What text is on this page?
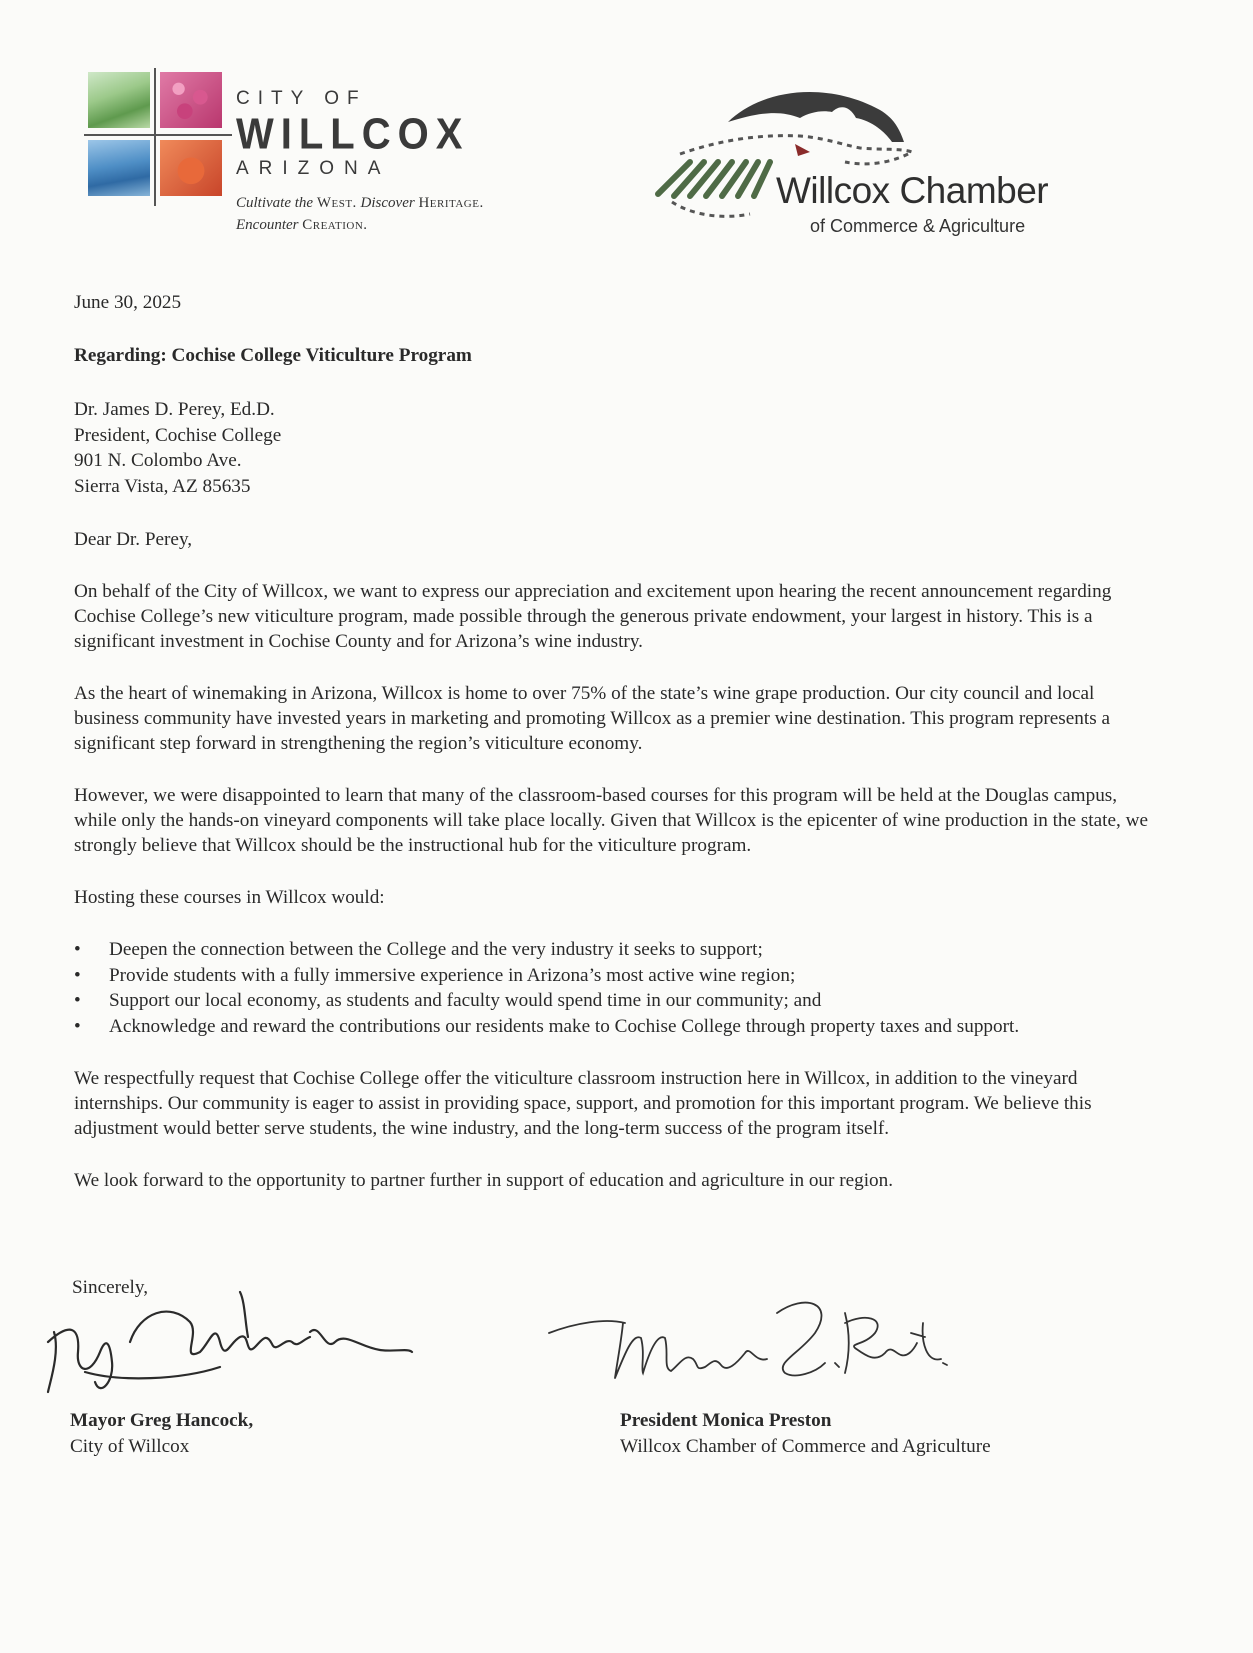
CITY OF
WILLCOX
ARIZONA
Cultivate the West. Discover Heritage.
Encounter Creation.
Willcox Chamber
of Commerce & Agriculture

June 30, 2025

Regarding: Cochise College Viticulture Program

Dr. James D. Perey, Ed.D.
President, Cochise College
901 N. Colombo Ave.
Sierra Vista, AZ 85635

Dear Dr. Perey,

On behalf of the City of Willcox, we want to express our appreciation and excitement upon hearing the recent announcement regarding Cochise College’s new viticulture program, made possible through the generous private endowment, your largest in history. This is a significant investment in Cochise County and for Arizona’s wine industry.

As the heart of winemaking in Arizona, Willcox is home to over 75% of the state’s wine grape production. Our city council and local business community have invested years in marketing and promoting Willcox as a premier wine destination. This program represents a significant step forward in strengthening the region’s viticulture economy.

However, we were disappointed to learn that many of the classroom-based courses for this program will be held at the Douglas campus, while only the hands-on vineyard components will take place locally. Given that Willcox is the epicenter of wine production in the state, we strongly believe that Willcox should be the instructional hub for the viticulture program.

Hosting these courses in Willcox would:

• Deepen the connection between the College and the very industry it seeks to support;
• Provide students with a fully immersive experience in Arizona’s most active wine region;
• Support our local economy, as students and faculty would spend time in our community; and
• Acknowledge and reward the contributions our residents make to Cochise College through property taxes and support.

We respectfully request that Cochise College offer the viticulture classroom instruction here in Willcox, in addition to the vineyard internships. Our community is eager to assist in providing space, support, and promotion for this important program. We believe this adjustment would better serve students, the wine industry, and the long-term success of the program itself.

We look forward to the opportunity to partner further in support of education and agriculture in our region.

Sincerely,
Mayor Greg Hancock,
City of Willcox
President Monica Preston
Willcox Chamber of Commerce and Agriculture
